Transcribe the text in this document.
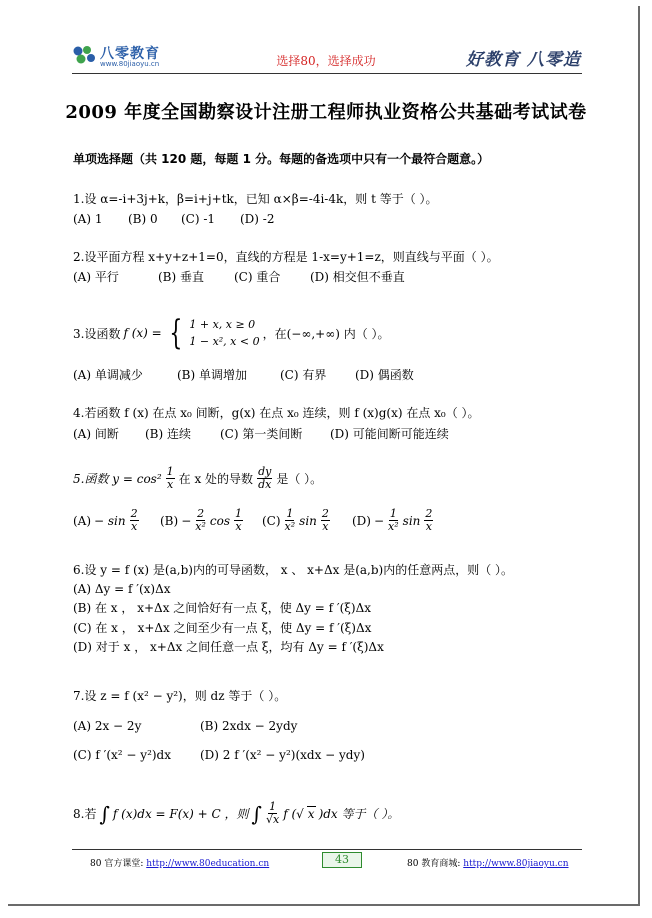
八零教育
www.80jiaoyu.cn	选择80，选择成功	好教育 八零造
2009 年度全国勘察设计注册工程师执业资格公共基础考试试卷
单项选择题（共 120 题，每题 1 分。每题的备选项中只有一个最符合题意。）
1.设 α=-i+3j+k，β=i+j+tk，已知 α×β=-4i-4k，则 t 等于（ ）。
(A) 1 (B) 0 (C) -1 (D) -2
2.设平面方程 x+y+z+1=0，直线的方程是 1-x=y+1=z，则直线与平面（ ）。
(A) 平行	(B) 垂直	(C) 重合 (D) 相交但不垂直
3.设函数 f (x) = { 1 + x, x ≥ 0
1 − x², x < 0
，在(−∞,+∞) 内（ ）。
(A) 单调减少	(B) 单调增加	(C) 有界 (D) 偶函数
4.若函数 f (x) 在点 x₀ 间断，g(x) 在点 x₀ 连续，则 f (x)g(x) 在点 x₀（ ）。
(A) 间断 (B) 连续 (C) 第一类间断 (D) 可能间断可能连续
5.函数 $y = \cos^2 \frac{1}{x}$ 在 x 处的导数 $\frac{dy}{dx}$ 是（ ）。
$(A) - \sin \frac{2}{x} (B) - \frac{2}{\text{x²}}$ $\cos \frac{1}{x} (C) \frac{1}{\text{x²}}$ $\sin \frac{2}{x} (D) - \frac{1}{\text{x²}}$ $\sin \frac{2}{x}$
6.设 y = f (x) 是(a,b)内的可导函数， x 、 x+Δx 是(a,b)内的任意两点，则（ ）。
(A) Δy = f ′(x)Δx
(B) 在 x ， x+Δx 之间恰好有一点 ξ，使 Δy = f ′(ξ)Δx
(C) 在 x ， x+Δx 之间至少有一点 ξ，使 Δy = f ′(ξ)Δx
(D) 对于 x ， x+Δx 之间任意一点 ξ，均有 Δy = f ′(ξ)Δx
7.设 z = f (x² − y²)，则 dz 等于（ ）。
(A) 2x − 2y	(B) 2xdx − 2ydy
(C) f ′(x² − y²)dx (D) 2 f ′(x² − y²)(xdx − ydy)
8.若 ∫ f (x)dx = F(x) + C ，则 ∫ $\frac{1}{√x}$ f ( √ x )dx 等于（ ）。
80 官方课堂: http://www.80education.cn	43	80 教育商城: http://www.80jiaoyu.cn
